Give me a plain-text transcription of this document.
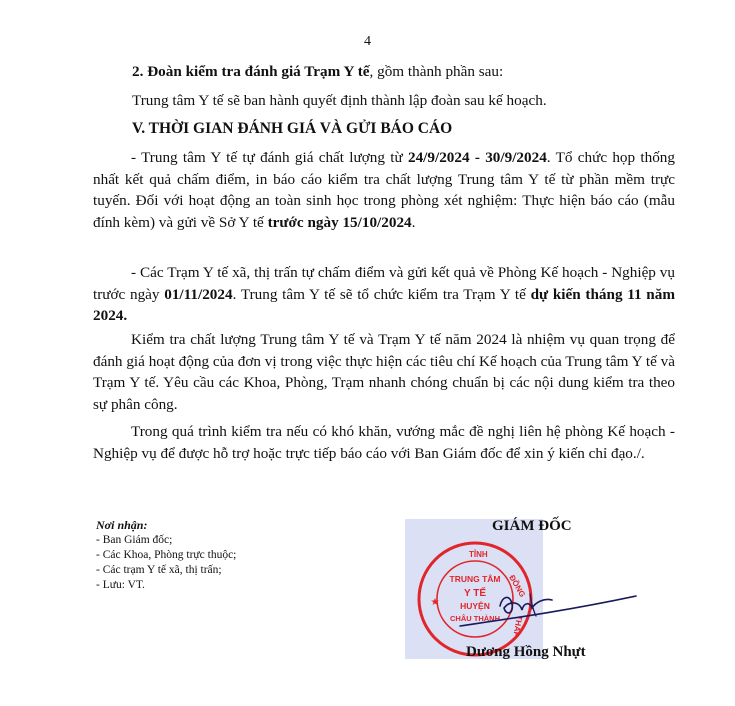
4
2. Đoàn kiểm tra đánh giá Trạm Y tế, gồm thành phần sau:
Trung tâm Y tế sẽ ban hành quyết định thành lập đoàn sau kế hoạch.
V. THỜI GIAN ĐÁNH GIÁ VÀ GỬI BÁO CÁO
- Trung tâm Y tế tự đánh giá chất lượng từ 24/9/2024 - 30/9/2024. Tổ chức họp thống nhất kết quả chấm điểm, in báo cáo kiểm tra chất lượng Trung tâm Y tế từ phần mềm trực tuyến. Đối với hoạt động an toàn sinh học trong phòng xét nghiệm: Thực hiện báo cáo (mẫu đính kèm) và gửi về Sở Y tế trước ngày 15/10/2024.
- Các Trạm Y tế xã, thị trấn tự chấm điểm và gửi kết quả về Phòng Kế hoạch - Nghiệp vụ trước ngày 01/11/2024. Trung tâm Y tế sẽ tổ chức kiểm tra Trạm Y tế dự kiến tháng 11 năm 2024.
Kiểm tra chất lượng Trung tâm Y tế và Trạm Y tế năm 2024 là nhiệm vụ quan trọng để đánh giá hoạt động của đơn vị trong việc thực hiện các tiêu chí Kế hoạch của Trung tâm Y tế và Trạm Y tế. Yêu cầu các Khoa, Phòng, Trạm nhanh chóng chuẩn bị các nội dung kiểm tra theo sự phân công.
Trong quá trình kiểm tra nếu có khó khăn, vướng mắc đề nghị liên hệ phòng Kế hoạch - Nghiệp vụ để được hỗ trợ hoặc trực tiếp báo cáo với Ban Giám đốc để xin ý kiến chỉ đạo./.
Nơi nhận:
- Ban Giám đốc;
- Các Khoa, Phòng trực thuộc;
- Các trạm Y tế xã, thị trấn;
- Lưu: VT.
GIÁM ĐỐC
TỈNH
ĐỒNG
THÁP
TRUNG TÂM
Y TẾ
HUYỆN
CHÂU THÀNH
★
Dương Hồng Nhựt
